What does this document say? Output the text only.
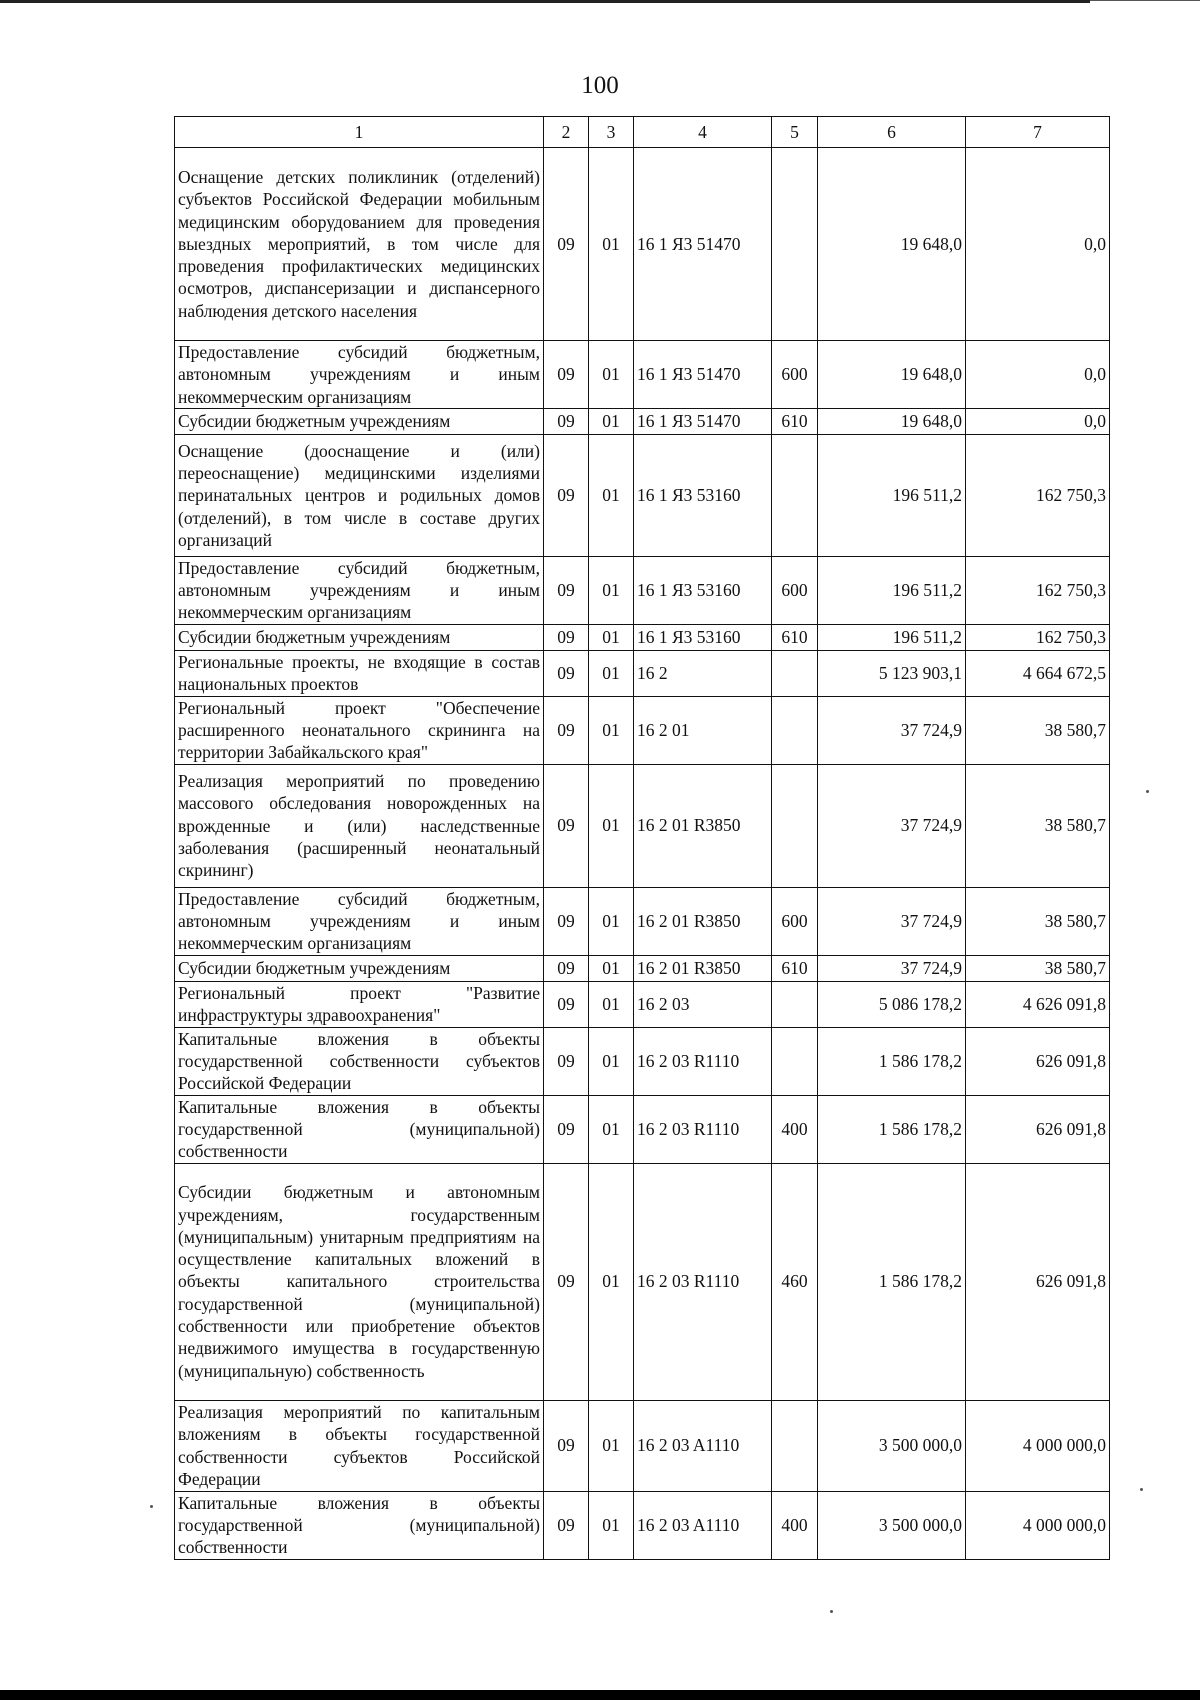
100
1	2	3	4	5	6	7
Оснащение детских поликлиник (отделений) субъектов Российской Федерации мобильным медицинским оборудованием для проведения выездных мероприятий, в том числе для проведения профилактических медицинских осмотров, диспансеризации и диспансерного наблюдения детского населения	09	01	16 1 Я3 51470		19 648,0	0,0
Предоставление субсидий бюджетным, автономным учреждениям и иным некоммерческим организациям	09	01	16 1 Я3 51470	600	19 648,0	0,0
Субсидии бюджетным учреждениям	09	01	16 1 Я3 51470	610	19 648,0	0,0
Оснащение (дооснащение и (или) переоснащение) медицинскими изделиями перинатальных центров и родильных домов (отделений), в том числе в составе других организаций	09	01	16 1 Я3 53160		196 511,2	162 750,3
Предоставление субсидий бюджетным, автономным учреждениям и иным некоммерческим организациям	09	01	16 1 Я3 53160	600	196 511,2	162 750,3
Субсидии бюджетным учреждениям	09	01	16 1 Я3 53160	610	196 511,2	162 750,3
Региональные проекты, не входящие в состав национальных проектов	09	01	16 2		5 123 903,1	4 664 672,5
Региональный проект "Обеспечение расширенного неонатального скрининга на территории Забайкальского края"	09	01	16 2 01		37 724,9	38 580,7
Реализация мероприятий по проведению массового обследования новорожденных на врожденные и (или) наследственные заболевания (расширенный неонатальный скрининг)	09	01	16 2 01 R3850		37 724,9	38 580,7
Предоставление субсидий бюджетным, автономным учреждениям и иным некоммерческим организациям	09	01	16 2 01 R3850	600	37 724,9	38 580,7
Субсидии бюджетным учреждениям	09	01	16 2 01 R3850	610	37 724,9	38 580,7
Региональный проект "Развитие инфраструктуры здравоохранения"	09	01	16 2 03		5 086 178,2	4 626 091,8
Капитальные вложения в объекты государственной собственности субъектов Российской Федерации	09	01	16 2 03 R1110		1 586 178,2	626 091,8
Капитальные вложения в объекты государственной (муниципальной) собственности	09	01	16 2 03 R1110	400	1 586 178,2	626 091,8
Субсидии бюджетным и автономным учреждениям, государственным (муниципальным) унитарным предприятиям на осуществление капитальных вложений в объекты капитального строительства государственной (муниципальной) собственности или приобретение объектов недвижимого имущества в государственную (муниципальную) собственность	09	01	16 2 03 R1110	460	1 586 178,2	626 091,8
Реализация мероприятий по капитальным вложениям в объекты государственной собственности субъектов Российской Федерации	09	01	16 2 03 A1110		3 500 000,0	4 000 000,0
Капитальные вложения в объекты государственной (муниципальной) собственности	09	01	16 2 03 A1110	400	3 500 000,0	4 000 000,0
